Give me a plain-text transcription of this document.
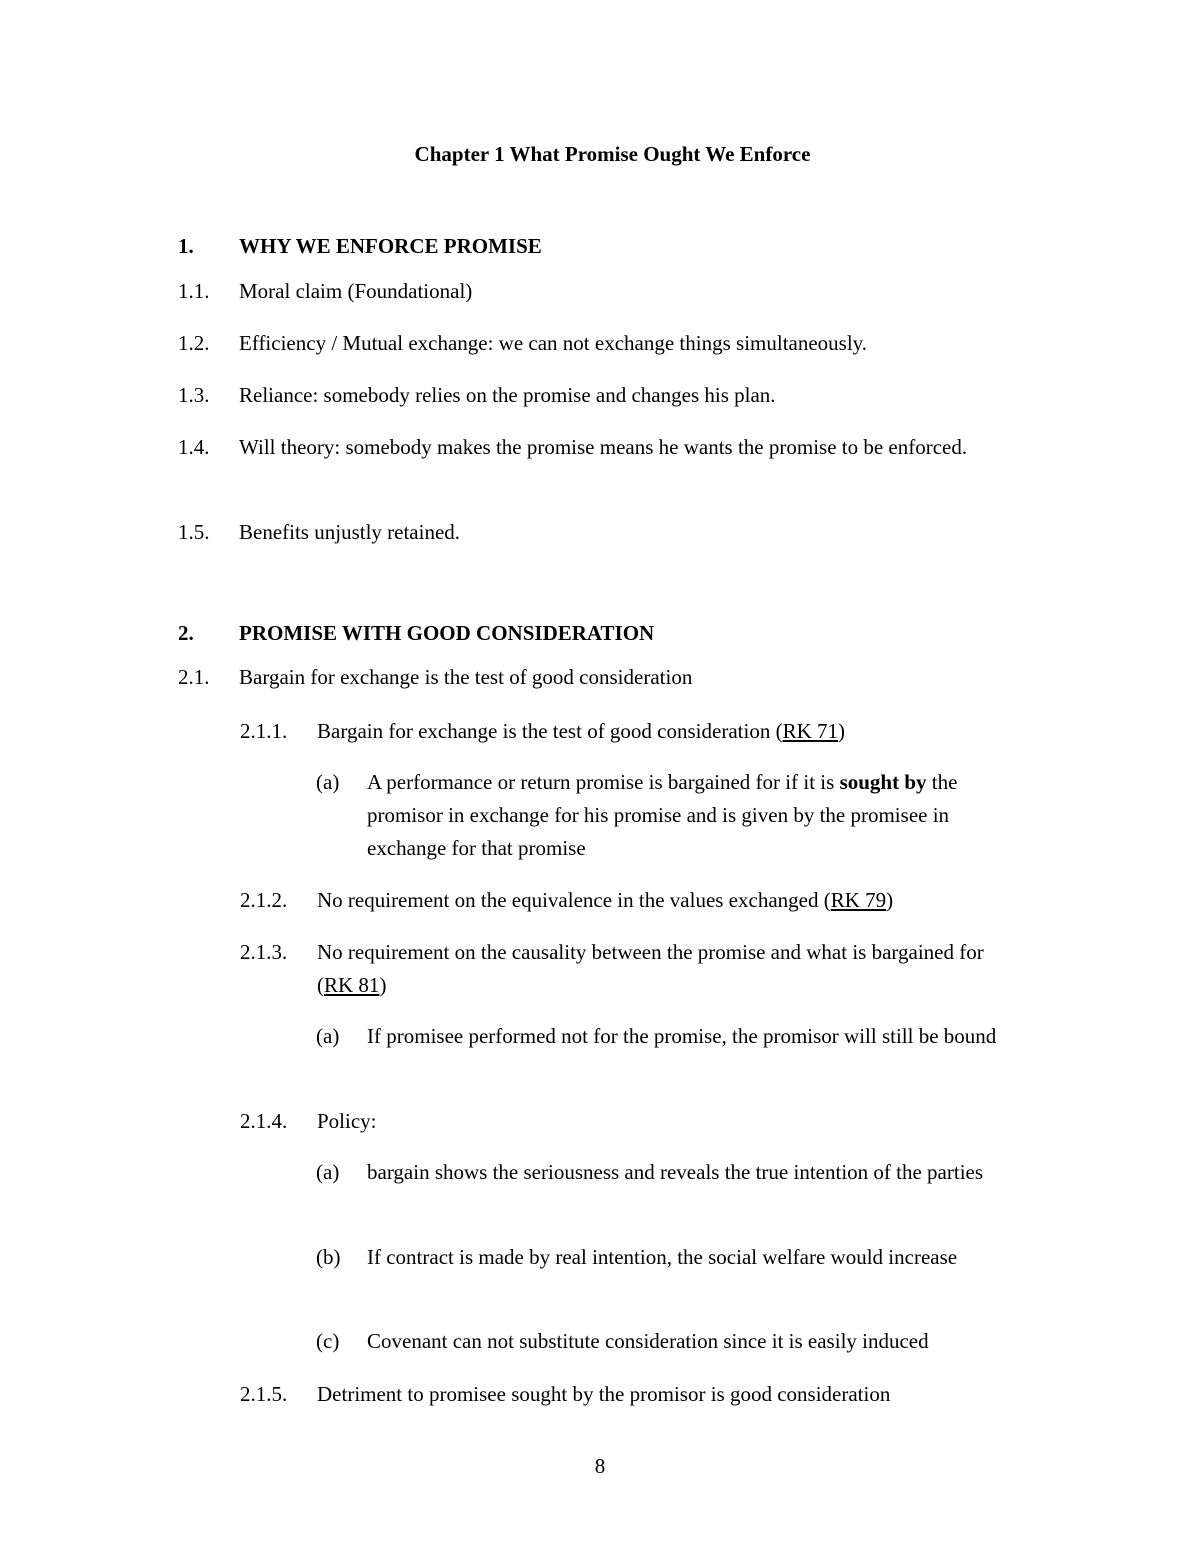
Chapter 1 What Promise Ought We Enforce
1. WHY WE ENFORCE PROMISE
1.1. Moral claim (Foundational)
1.2. Efficiency / Mutual exchange: we can not exchange things simultaneously.
1.3. Reliance: somebody relies on the promise and changes his plan.
1.4. Will theory: somebody makes the promise means he wants the promise to be enforced.
1.5. Benefits unjustly retained.
2. PROMISE WITH GOOD CONSIDERATION
2.1. Bargain for exchange is the test of good consideration
2.1.1. Bargain for exchange is the test of good consideration (RK 71)
(a) A performance or return promise is bargained for if it is sought by the promisor in exchange for his promise and is given by the promisee in exchange for that promise
2.1.2. No requirement on the equivalence in the values exchanged (RK 79)
2.1.3. No requirement on the causality between the promise and what is bargained for (RK 81)
(a) If promisee performed not for the promise, the promisor will still be bound
2.1.4. Policy:
(a) bargain shows the seriousness and reveals the true intention of the parties
(b) If contract is made by real intention, the social welfare would increase
(c) Covenant can not substitute consideration since it is easily induced
2.1.5. Detriment to promisee sought by the promisor is good consideration
8
